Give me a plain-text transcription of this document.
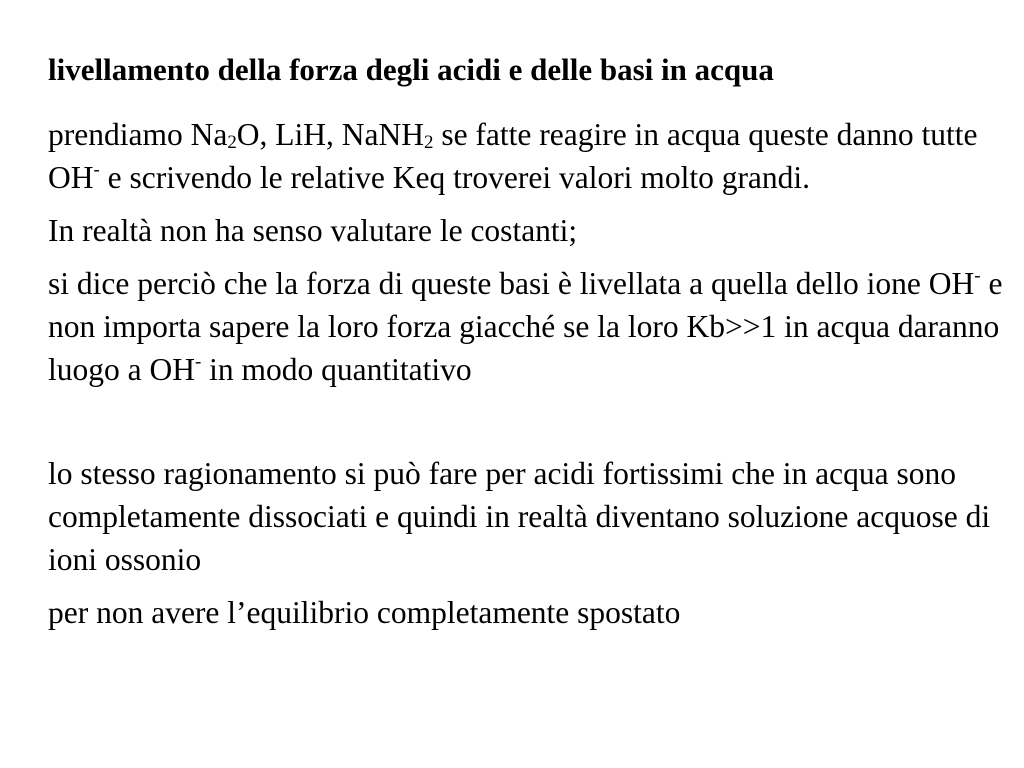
livellamento della forza degli acidi e delle basi in acqua

prendiamo Na2O, LiH, NaNH2 se fatte reagire in acqua queste danno tutte OH- e scrivendo le relative Keq troverei valori molto grandi.

In realtà non ha senso valutare le costanti;

si dice perciò che la forza di queste basi è livellata a quella dello ione OH- e non importa sapere la loro forza giacché se la loro Kb>>1 in acqua daranno luogo a OH- in modo quantitativo

lo stesso ragionamento si può fare per acidi fortissimi che in acqua sono completamente dissociati e quindi in realtà diventano soluzione acquose di ioni ossonio

per non avere l’equilibrio completamente spostato
